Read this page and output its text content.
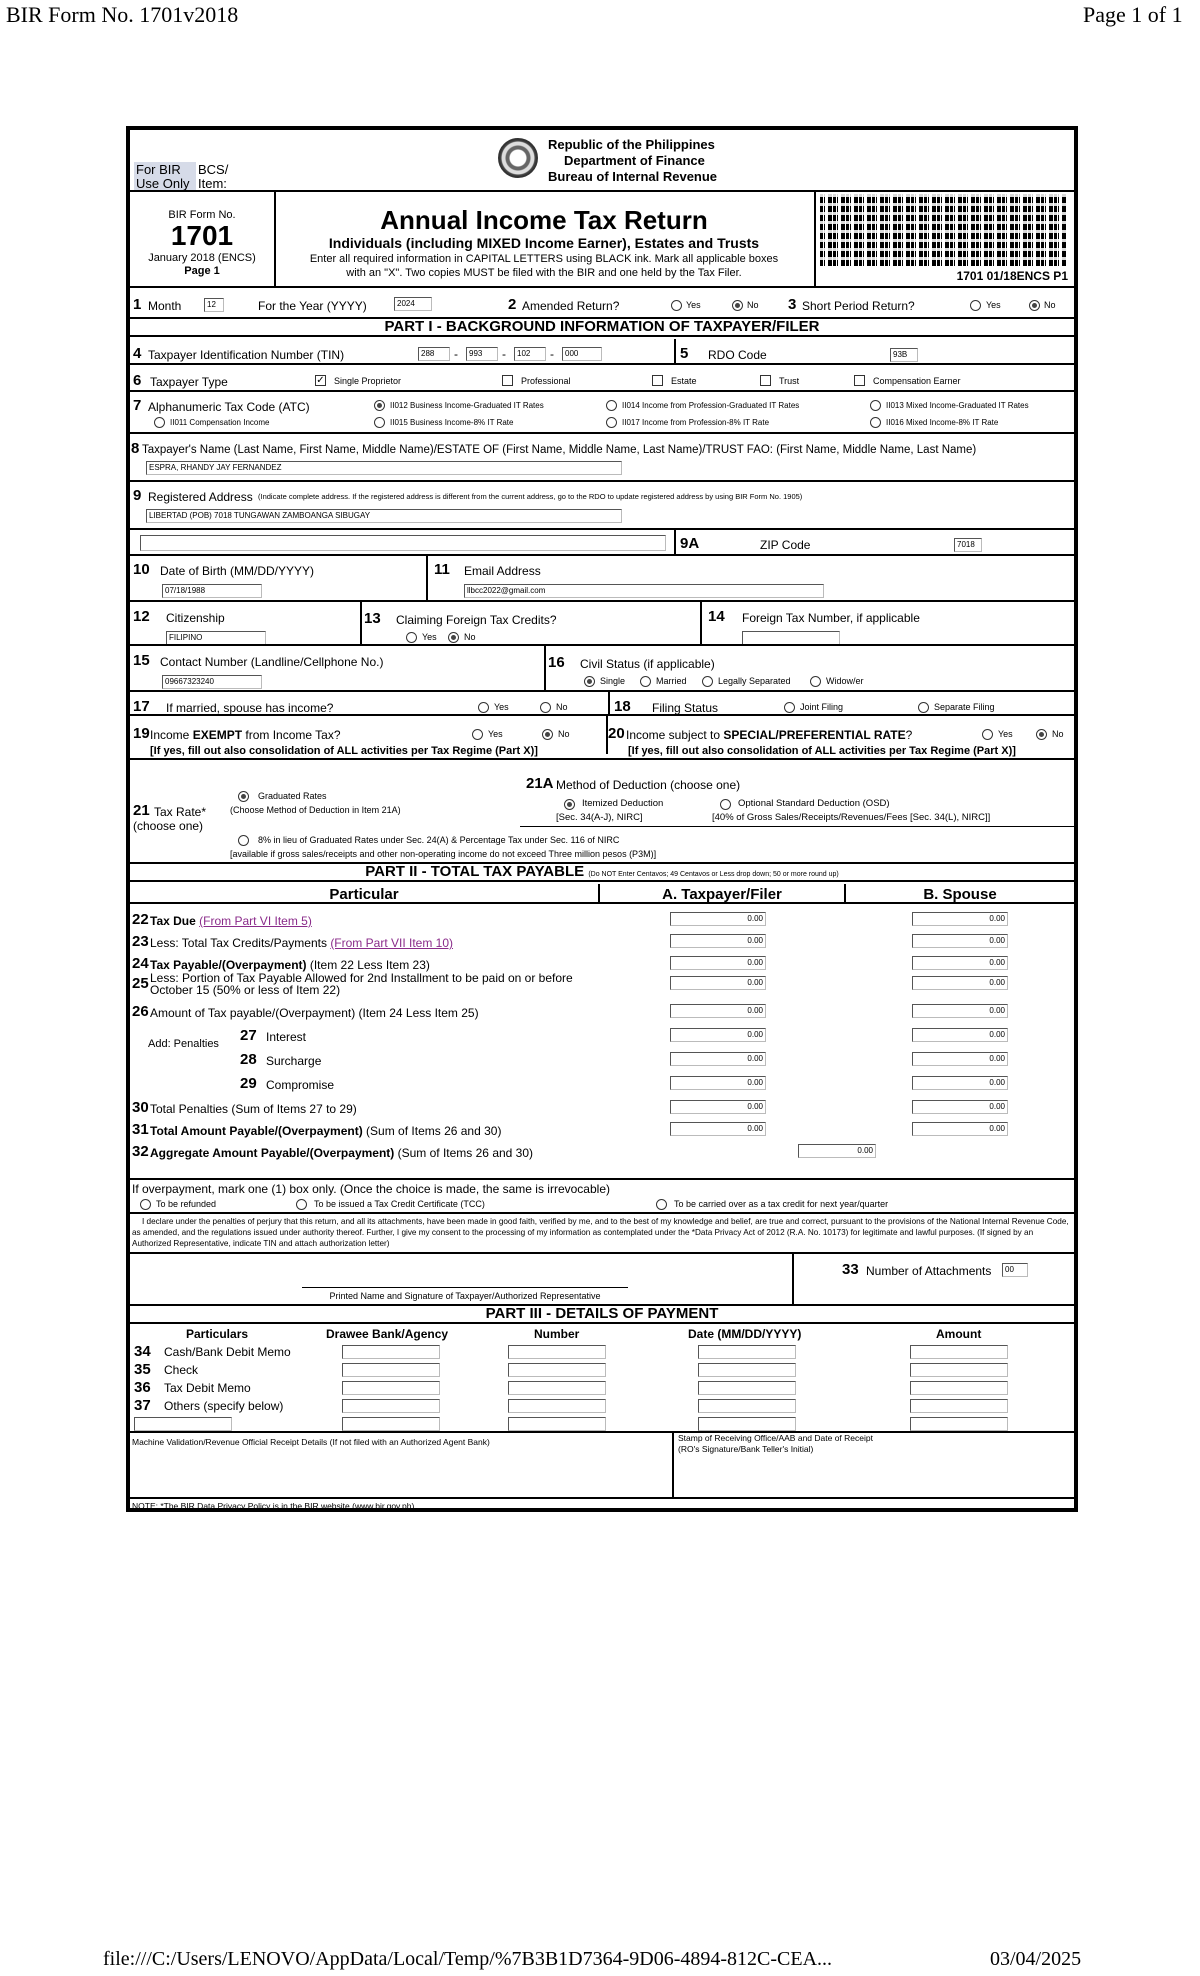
BIR Form No. 1701v2018	Page 1 of 1
For BIR
Use Only
BCS/
Item:
Republic of the Philippines
Department of Finance
Bureau of Internal Revenue
BIR Form No.
1701
January 2018 (ENCS)
Page 1
Annual Income Tax Return
Individuals (including MIXED Income Earner), Estates and Trusts
Enter all required information in CAPITAL LETTERS using BLACK ink. Mark all applicable boxes
with an "X". Two copies MUST be filed with the BIR and one held by the Tax Filer.	1701 01/18ENCS P1
1 Month	12	For the Year (YYYY)	2024	2 Amended Return?	Yes	No 3 Short Period Return?	Yes	No
PART I - BACKGROUND INFORMATION OF TAXPAYER/FILER
4 Taxpayer Identification Number (TIN)	288	-	993	-	102	-	000	5 RDO Code	93B
6 Taxpayer Type	✓ Single Proprietor	Professional	Estate	Trust	Compensation Earner
7 Alphanumeric Tax Code (ATC)	II012 Business Income-Graduated IT Rates	II014 Income from Profession-Graduated IT Rates	II013 Mixed Income-Graduated IT Rates
II011 Compensation Income	II015 Business Income-8% IT Rate	II017 Income from Profession-8% IT Rate	II016 Mixed Income-8% IT Rate
8 Taxpayer's Name (Last Name, First Name, Middle Name)/ESTATE OF (First Name, Middle Name, Last Name)/TRUST FAO: (First Name, Middle Name, Last Name)
ESPRA, RHANDY JAY FERNANDEZ
9 Registered Address (Indicate complete address. If the registered address is different from the current address, go to the RDO to update registered address by using BIR Form No. 1905)
LIBERTAD (POB) 7018 TUNGAWAN ZAMBOANGA SIBUGAY
9A	ZIP Code	7018
10 Date of Birth (MM/DD/YYYY)
07/18/1988
11 Email Address
llbcc2022@gmail.com
12 Citizenship
FILIPINO
13 Claiming Foreign Tax Credits?
Yes	No
14 Foreign Tax Number, if applicable
15 Contact Number (Landline/Cellphone No.)
09667323240
16 Civil Status (if applicable)
Single	Married	Legally Separated	Widow/er
17 If married, spouse has income?	Yes	No	18 Filing Status	Joint Filing	Separate Filing
19 Income EXEMPT from Income Tax?	Yes	No
[If yes, fill out also consolidation of ALL activities per Tax Regime (Part X)]
20 Income subject to SPECIAL/PREFERENTIAL RATE?	Yes	No
[If yes, fill out also consolidation of ALL activities per Tax Regime (Part X)]
Graduated Rates
(Choose Method of Deduction in Item 21A)
21 Tax Rate*
(choose one)
21A Method of Deduction (choose one)
Itemized Deduction
[Sec. 34(A-J), NIRC]
Optional Standard Deduction (OSD)
[40% of Gross Sales/Receipts/Revenues/Fees [Sec. 34(L), NIRC]]
8% in lieu of Graduated Rates under Sec. 24(A) & Percentage Tax under Sec. 116 of NIRC
[available if gross sales/receipts and other non-operating income do not exceed Three million pesos (P3M)]
PART II - TOTAL TAX PAYABLE (Do NOT Enter Centavos; 49 Centavos or Less drop down; 50 or more round up)
Particular	A. Taxpayer/Filer	B. Spouse
22 Tax Due (From Part VI Item 5)	0.00	0.00
23 Less: Total Tax Credits/Payments (From Part VII Item 10)	0.00	0.00
24 Tax Payable/(Overpayment) (Item 22 Less Item 23)	0.00	0.00
25 Less: Portion of Tax Payable Allowed for 2nd Installment to be paid on or before
October 15 (50% or less of Item 22)
0.00	0.00
26 Amount of Tax payable/(Overpayment) (Item 24 Less Item 25)	0.00	0.00
27 Interest	0.00	0.00
28 Surcharge	0.00	0.00
29 Compromise	0.00	0.00
30 Total Penalties (Sum of Items 27 to 29)	0.00	0.00
31 Total Amount Payable/(Overpayment) (Sum of Items 26 and 30)	0.00	0.00
32 Aggregate Amount Payable/(Overpayment) (Sum of Items 26 and 30)	0.00
Add: Penalties
If overpayment, mark one (1) box only. (Once the choice is made, the same is irrevocable)
To be refunded	To be issued a Tax Credit Certificate (TCC)	To be carried over as a tax credit for next year/quarter
I declare under the penalties of perjury that this return, and all its attachments, have been made in good faith, verified by me, and to the best of my knowledge and belief, are true and correct, pursuant to the provisions of the National Internal Revenue Code, as amended, and the regulations issued under authority thereof. Further, I give my consent to the processing of my information as contemplated under the *Data Privacy Act of 2012 (R.A. No. 10173) for legitimate and lawful purposes. (If signed by an Authorized Representative, indicate TIN and attach authorization letter)
Printed Name and Signature of Taxpayer/Authorized Representative
33 Number of Attachments	00
PART III - DETAILS OF PAYMENT
Particulars	Drawee Bank/Agency	Number	Date (MM/DD/YYYY)	Amount
34 Cash/Bank Debit Memo
35 Check
36 Tax Debit Memo
37 Others (specify below)
Machine Validation/Revenue Official Receipt Details (If not filed with an Authorized Agent Bank)	Stamp of Receiving Office/AAB and Date of Receipt
(RO's Signature/Bank Teller's Initial)
NOTE: *The BIR Data Privacy Policy is in the BIR website (www.bir.gov.ph)
file:///C:/Users/LENOVO/AppData/Local/Temp/%7B3B1D7364-9D06-4894-812C-CEA...	03/04/2025
